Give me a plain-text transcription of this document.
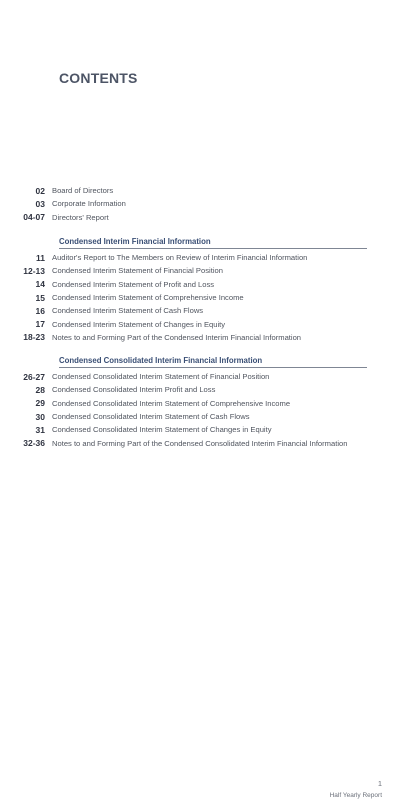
CONTENTS
02 Board of Directors
03 Corporate Information
04-07 Directors' Report
Condensed Interim Financial Information
11 Auditor's Report to The Members on Review of Interim Financial Information
12-13 Condensed Interim Statement of Financial Position
14 Condensed Interim Statement of Profit and Loss
15 Condensed Interim Statement of Comprehensive Income
16 Condensed Interim Statement of Cash Flows
17 Condensed Interim Statement of Changes in Equity
18-23 Notes to and Forming Part of the Condensed Interim Financial Information
Condensed Consolidated Interim Financial Information
26-27 Condensed Consolidated Interim Statement of Financial Position
28 Condensed Consolidated Interim Profit and Loss
29 Condensed Consolidated Interim Statement of Comprehensive Income
30 Condensed Consolidated Interim Statement of Cash Flows
31 Condensed Consolidated Interim Statement of Changes in Equity
32-36 Notes to and Forming Part of the Condensed Consolidated Interim Financial Information
1
Half Yearly Report
